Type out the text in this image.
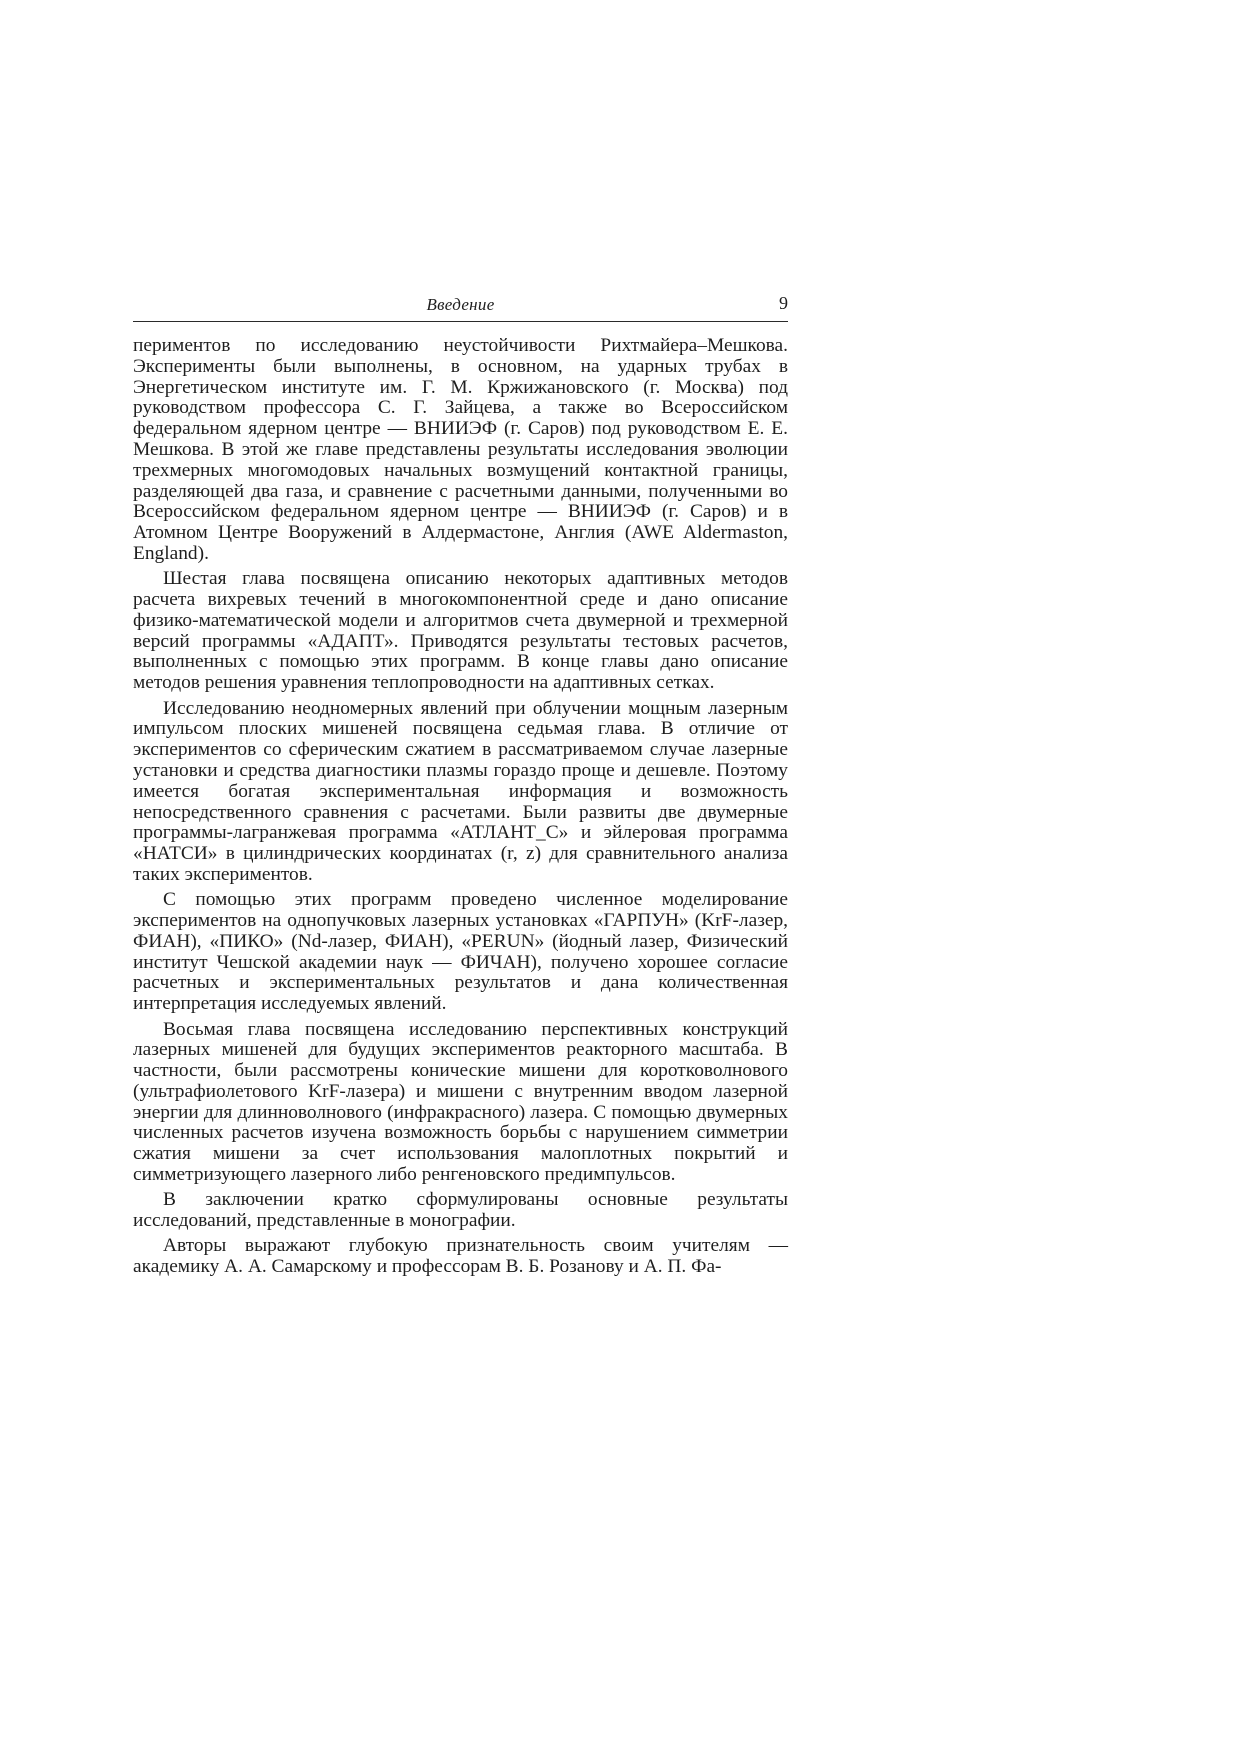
Введение	9

периментов по исследованию неустойчивости Рихтмайера–Мешкова. Эксперименты были выполнены, в основном, на ударных трубах в Энергетическом институте им. Г. М. Кржижановского (г. Москва) под руководством профессора С. Г. Зайцева, а также во Всероссийском федеральном ядерном центре — ВНИИЭФ (г. Саров) под руководством Е. Е. Мешкова. В этой же главе представлены результаты исследования эволюции трехмерных многомодовых начальных возмущений контактной границы, разделяющей два газа, и сравнение с расчетными данными, полученными во Всероссийском федеральном ядерном центре — ВНИИЭФ (г. Саров) и в Атомном Центре Вооружений в Алдермастоне, Англия (AWE Aldermaston, England).

Шестая глава посвящена описанию некоторых адаптивных методов расчета вихревых течений в многокомпонентной среде и дано описание физико-математической модели и алгоритмов счета двумерной и трехмерной версий программы «АДАПТ». Приводятся результаты тестовых расчетов, выполненных с помощью этих программ. В конце главы дано описание методов решения уравнения теплопроводности на адаптивных сетках.

Исследованию неодномерных явлений при облучении мощным лазерным импульсом плоских мишеней посвящена седьмая глава. В отличие от экспериментов со сферическим сжатием в рассматриваемом случае лазерные установки и средства диагностики плазмы гораздо проще и дешевле. Поэтому имеется богатая экспериментальная информация и возможность непосредственного сравнения с расчетами. Были развиты две двумерные программы-лагранжевая программа «АТЛАНТ_С» и эйлеровая программа «НАТСИ» в цилиндрических координатах (r, z) для сравнительного анализа таких экспериментов.

С помощью этих программ проведено численное моделирование экспериментов на однопучковых лазерных установках «ГАРПУН» (KrF-лазер, ФИАН), «ПИКО» (Nd-лазер, ФИАН), «PERUN» (йодный лазер, Физический институт Чешской академии наук — ФИЧАН), получено хорошее согласие расчетных и экспериментальных результатов и дана количественная интерпретация исследуемых явлений.

Восьмая глава посвящена исследованию перспективных конструкций лазерных мишеней для будущих экспериментов реакторного масштаба. В частности, были рассмотрены конические мишени для коротковолнового (ультрафиолетового KrF-лазера) и мишени с внутренним вводом лазерной энергии для длинноволнового (инфракрасного) лазера. С помощью двумерных численных расчетов изучена возможность борьбы с нарушением симметрии сжатия мишени за счет использования малоплотных покрытий и симметризующего лазерного либо ренгеновского предимпульсов.

В заключении кратко сформулированы основные результаты исследований, представленные в монографии.

Авторы выражают глубокую признательность своим учителям — академику А. А. Самарскому и профессорам В. Б. Розанову и А. П. Фа-
